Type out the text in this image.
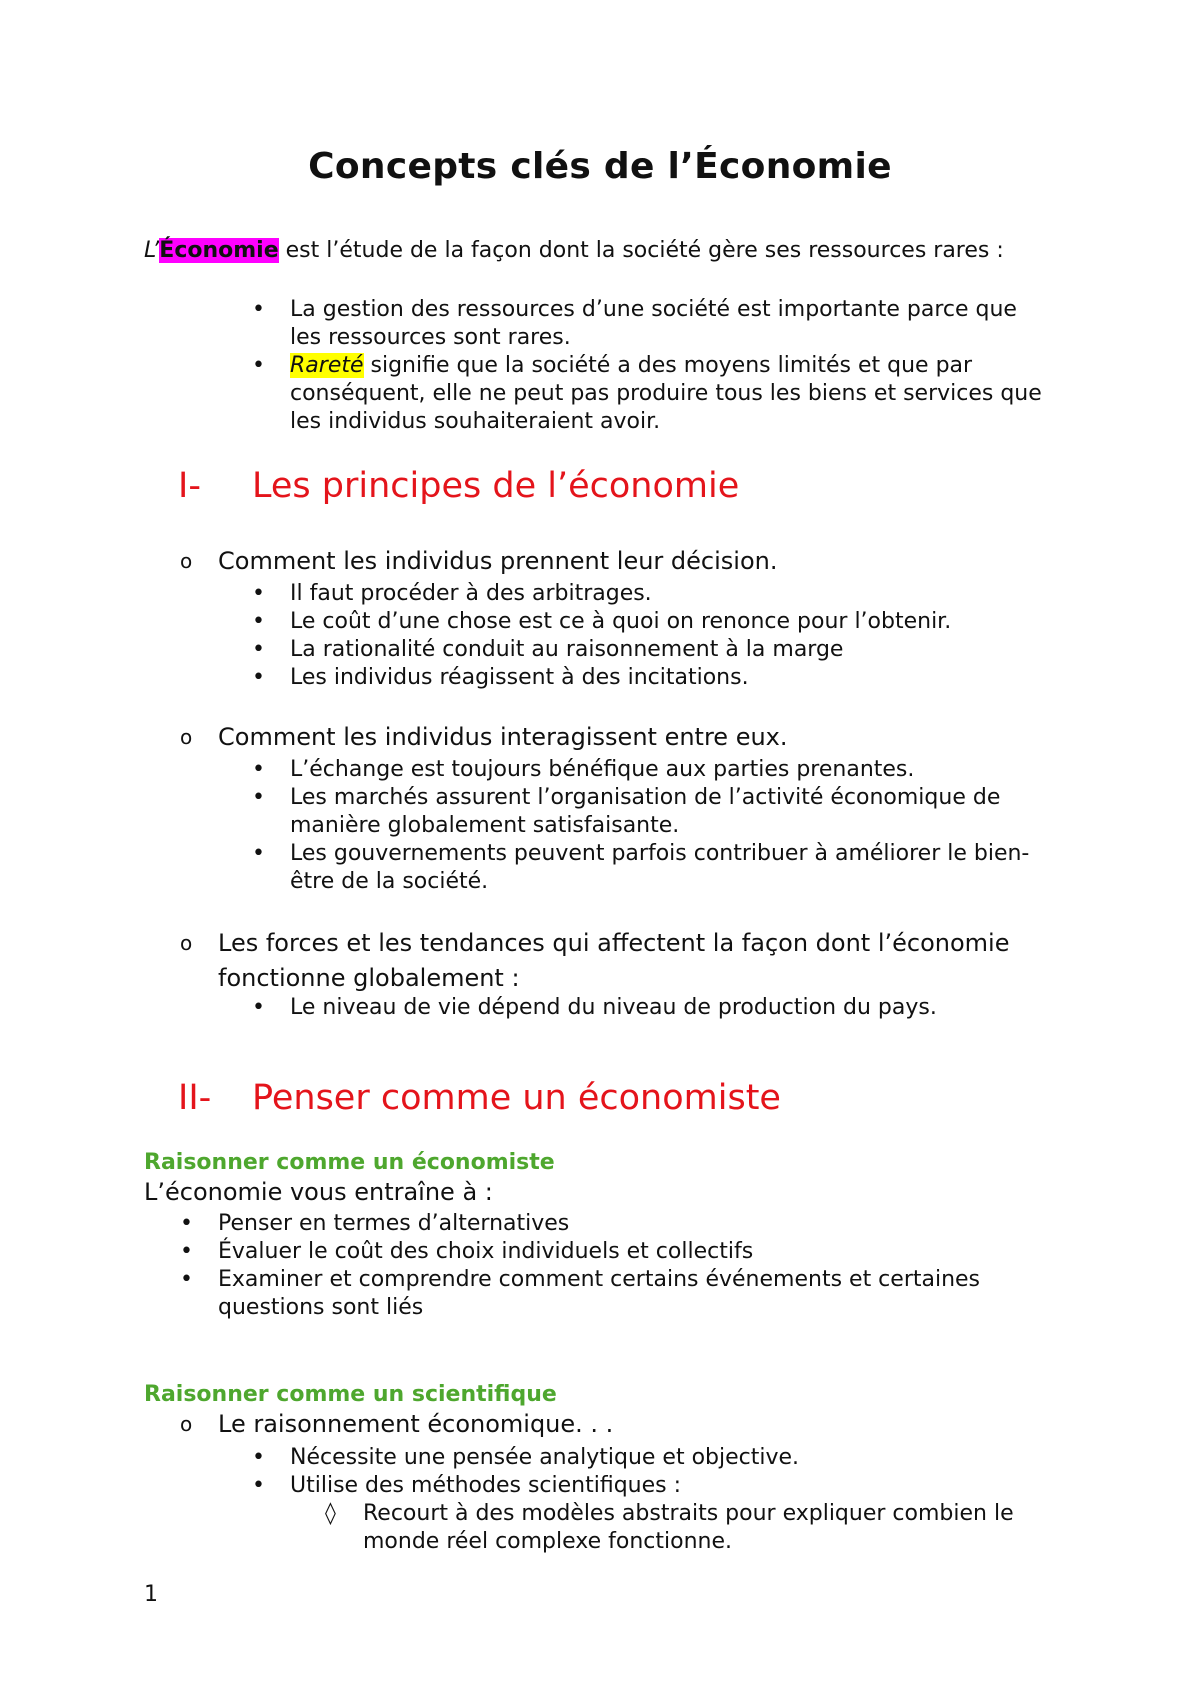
Concepts clés de l’Économie

L’Économie est l’étude de la façon dont la société gère ses ressources rares :

• La gestion des ressources d’une société est importante parce que les ressources sont rares.
• Rareté signifie que la société a des moyens limités et que par conséquent, elle ne peut pas produire tous les biens et services que les individus souhaiteraient avoir.
I- Les principes de l’économie

o	Comment les individus prennent leur décision.

• Il faut procéder à des arbitrages.
• Le coût d’une chose est ce à quoi on renonce pour l’obtenir.
• La rationalité conduit au raisonnement à la marge
• Les individus réagissent à des incitations.

o	Comment les individus interagissent entre eux.

• L’échange est toujours bénéfique aux parties prenantes.
• Les marchés assurent l’organisation de l’activité économique de manière globalement satisfaisante.
• Les gouvernements peuvent parfois contribuer à améliorer le bien-être de la société.

o	Les forces et les tendances qui affectent la façon dont l’économie fonctionne globalement :

• Le niveau de vie dépend du niveau de production du pays.
II- Penser comme un économiste

Raisonner comme un économiste

L’économie vous entraîne à :

• Penser en termes d’alternatives
• Évaluer le coût des choix individuels et collectifs
• Examiner et comprendre comment certains événements et certaines questions sont liés

Raisonner comme un scientifique

o	Le raisonnement économique. . .

• Nécessite une pensée analytique et objective.
• Utilise des méthodes scientifiques :
◊ Recourt à des modèles abstraits pour expliquer combien le monde réel complexe fonctionne.

1
